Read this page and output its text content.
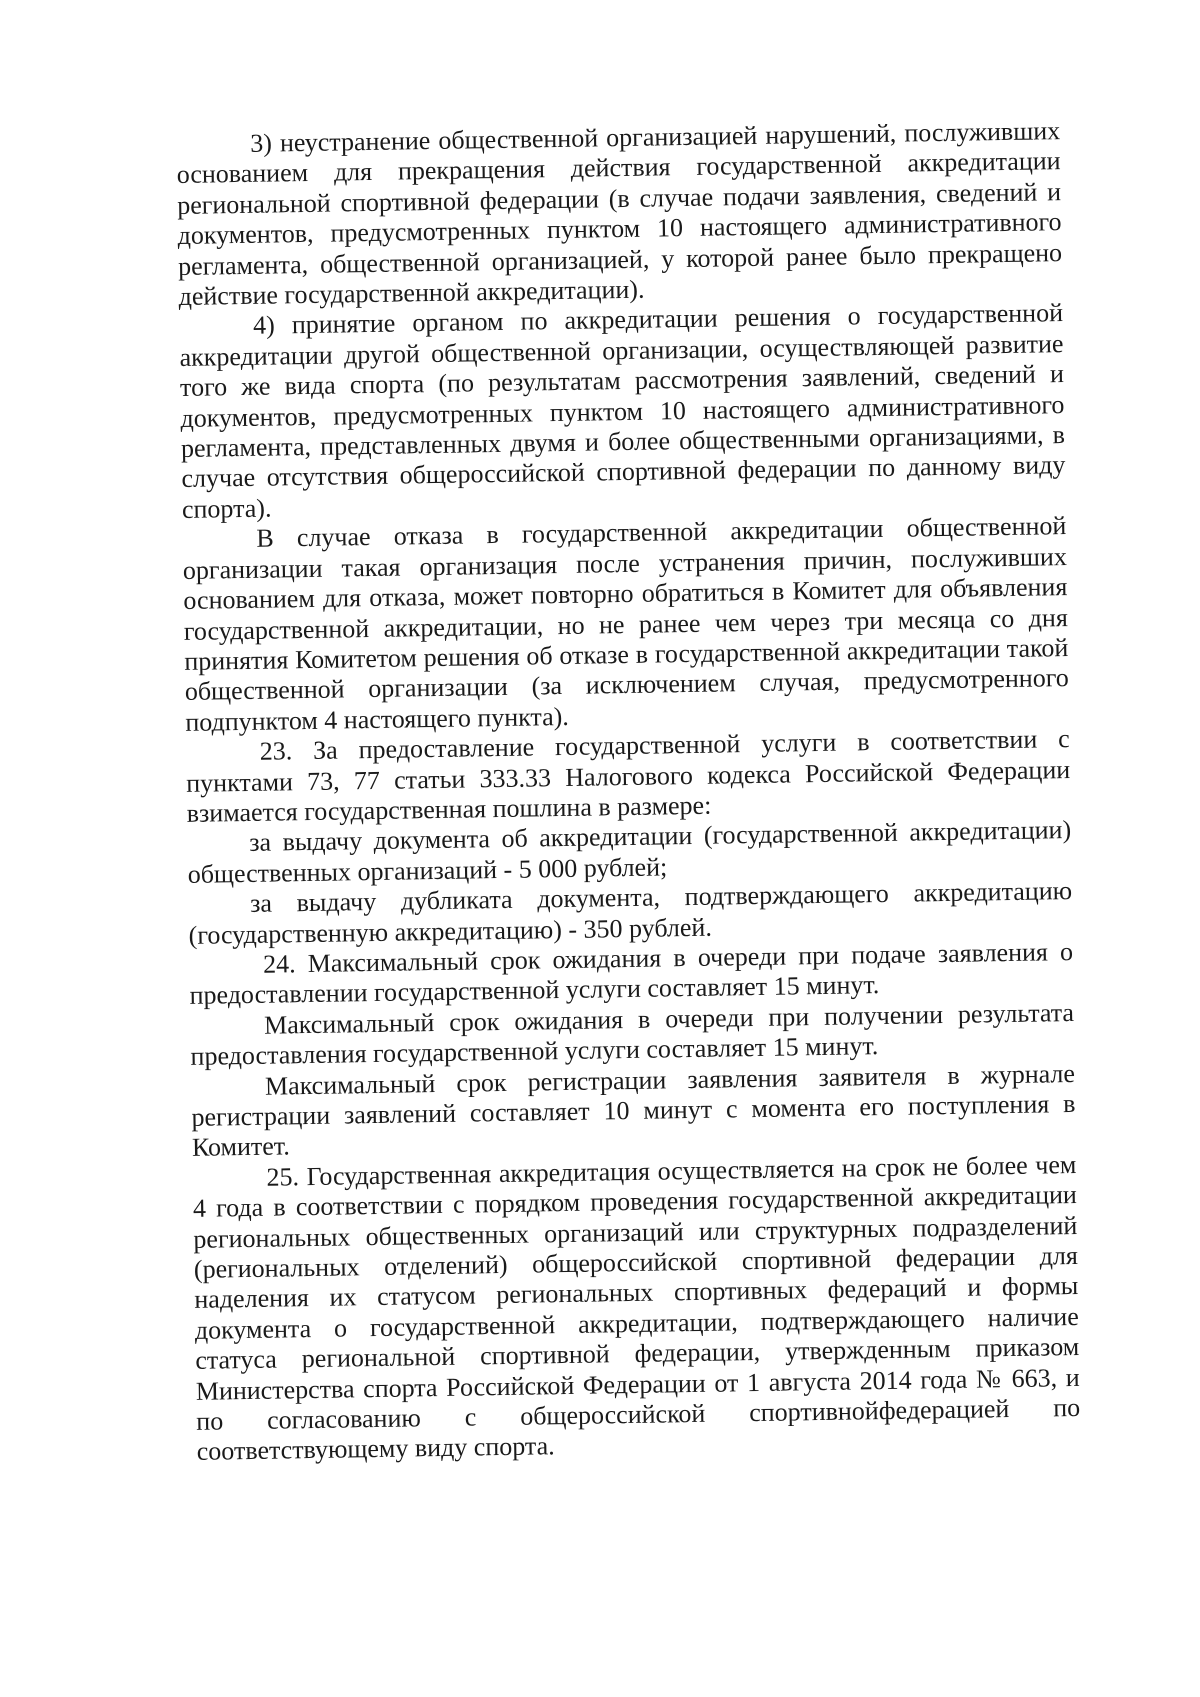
3) неустранение общественной организацией нарушений, послуживших основанием для прекращения действия государственной аккредитации региональной спортивной федерации (в случае подачи заявления, сведений и документов, предусмотренных пунктом 10 настоящего административного регламента, общественной организацией, у которой ранее было прекращено действие государственной аккредитации).

4) принятие органом по аккредитации решения о государственной аккредитации другой общественной организации, осуществляющей развитие того же вида спорта (по результатам рассмотрения заявлений, сведений и документов, предусмотренных пунктом 10 настоящего административного регламента, представленных двумя и более общественными организациями, в случае отсутствия общероссийской спортивной федерации по данному виду спорта).

В случае отказа в государственной аккредитации общественной организации такая организация после устранения причин, послуживших основанием для отказа, может повторно обратиться в Комитет для объявления государственной аккредитации, но не ранее чем через три месяца со дня принятия Комитетом решения об отказе в государственной аккредитации такой общественной организации (за исключением случая, предусмотренного подпунктом 4 настоящего пункта).

23. За предоставление государственной услуги в соответствии с пунктами 73, 77 статьи 333.33 Налогового кодекса Российской Федерации взимается государственная пошлина в размере:

за выдачу документа об аккредитации (государственной аккредитации) общественных организаций - 5 000 рублей;

за выдачу дубликата документа, подтверждающего аккредитацию (государственную аккредитацию) - 350 рублей.

24. Максимальный срок ожидания в очереди при подаче заявления о предоставлении государственной услуги составляет 15 минут.

Максимальный срок ожидания в очереди при получении результата предоставления государственной услуги составляет 15 минут.

Максимальный срок регистрации заявления заявителя в журнале регистрации заявлений составляет 10 минут с момента его поступления в Комитет.

25. Государственная аккредитация осуществляется на срок не более чем 4 года в соответствии с порядком проведения государственной аккредитации региональных общественных организаций или структурных подразделений (региональных отделений) общероссийской спортивной федерации для наделения их статусом региональных спортивных федераций и формы документа о государственной аккредитации, подтверждающего наличие статуса региональной спортивной федерации, утвержденным приказом Министерства спорта Российской Федерации от 1 августа 2014 года № 663, и по согласованию с общероссийской спортивнойфедерацией по соответствующему виду спорта.
